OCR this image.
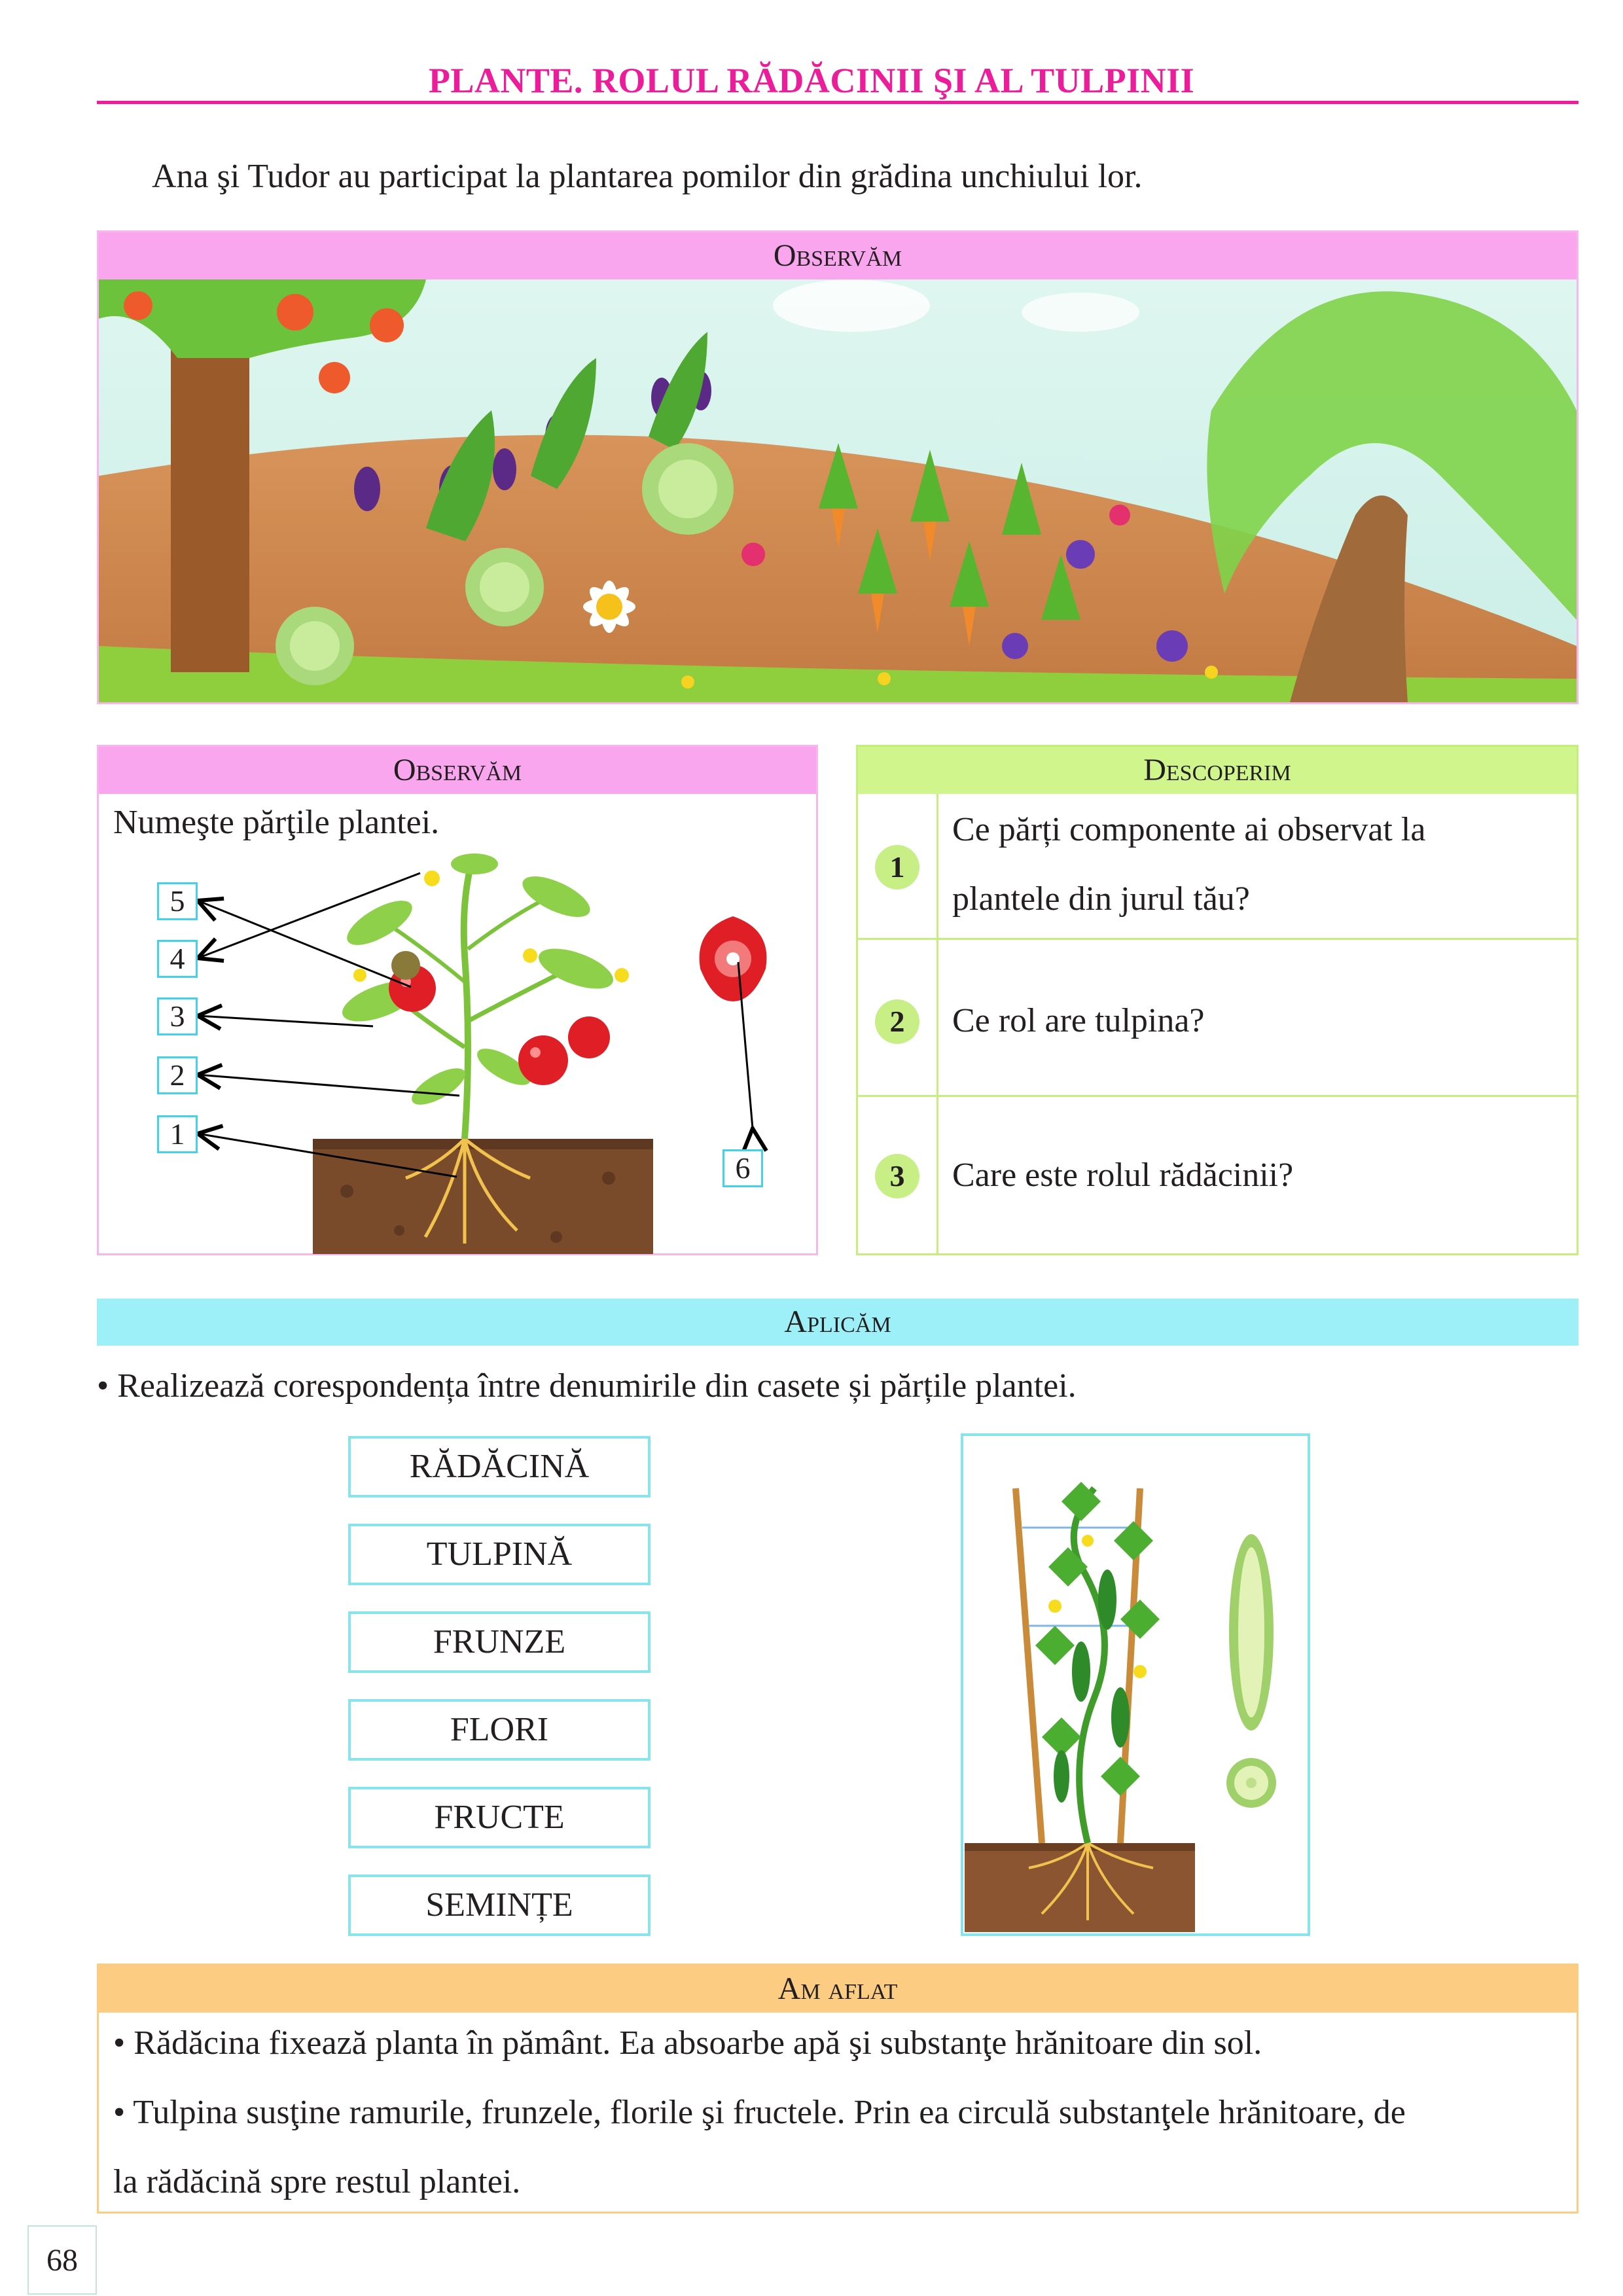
PLANTE. ROLUL RĂDĂCINII ŞI AL TULPINII
Ana şi Tudor au participat la plantarea pomilor din grădina unchiului lor.
Observăm
Observăm
Numeşte părţile plantei.
5
4
3
2
1
6
Descoperim
1
Ce părți componente ai observat la
plantele din jurul tău?
2	Ce rol are tulpina?
3	Care este rolul rădăcinii?
Aplicăm
• Realizează corespondența între denumirile din casete și părțile plantei.
RĂDĂCINĂ
TULPINĂ
FRUNZE
FLORI
FRUCTE
SEMINȚE
Am aflat
• Rădăcina fixează planta în pământ. Ea absoarbe apă şi substanţe hrănitoare din sol.
• Tulpina susţine ramurile, frunzele, florile şi fructele. Prin ea circulă substanţele hrănitoare, de
la rădăcină spre restul plantei.
68
